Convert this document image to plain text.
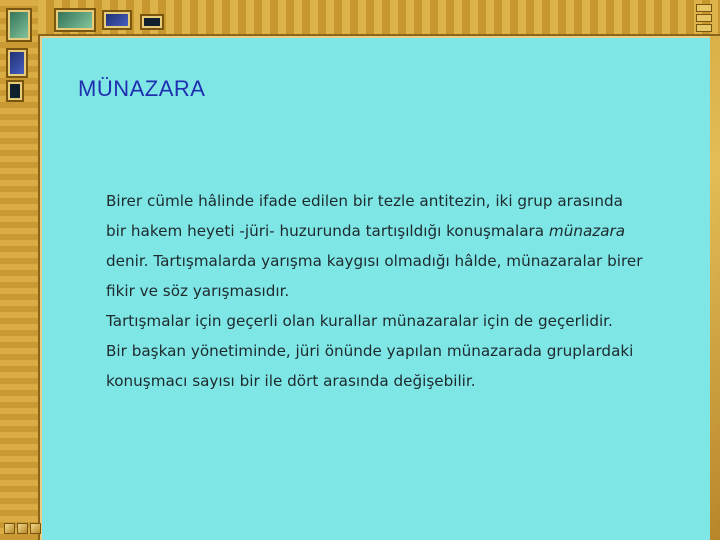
MÜNAZARA
Birer cümle hâlinde ifade edilen bir tezle antitezin, iki grup arasında
bir hakem heyeti -jüri- huzurunda tartışıldığı konuşmalara münazara
denir. Tartışmalarda yarışma kaygısı olmadığı hâlde, münazaralar birer
fikir ve söz yarışmasıdır.
Tartışmalar için geçerli olan kurallar münazaralar için de geçerlidir.
Bir başkan yönetiminde, jüri önünde yapılan münazarada gruplardaki
konuşmacı sayısı bir ile dört arasında değişebilir.
